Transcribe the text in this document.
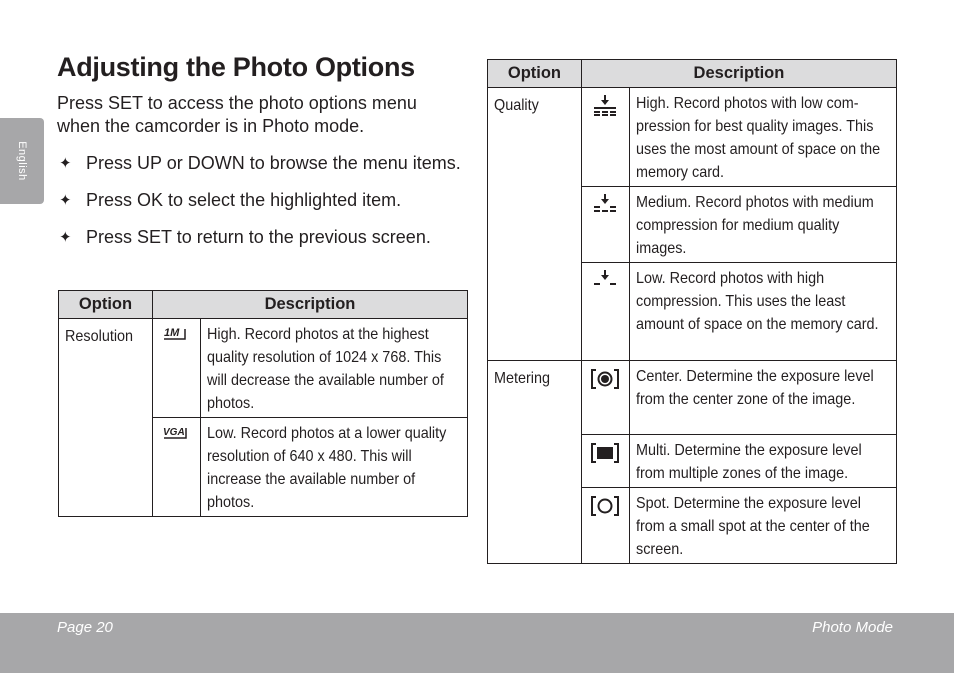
English
Adjusting the Photo Options

Press SET to access the photo options menu when the camcorder is in Photo mode.

✦ Press UP or DOWN to browse the menu items.
✦ Press OK to select the highlighted item.
✦ Press SET to return to the previous screen.
Option	Description	

Resolution	1M	High. Record photos at the highest quality resolution of 1024 x 768. This will decrease the available number of photos.

VGA	Low. Record photos at a lower quality resolution of 640 x 480. This will increase the available number of photos.
Option	Description	

Quality		High. Record photos with low com-pression for best quality images. This uses the most amount of space on the memory card.

Medium. Record photos with medium compression for medium quality images.

Low. Record photos with high compression. This uses the least amount of space on the memory card.

Metering		Center. Determine the exposure level from the center zone of the image.

Multi. Determine the exposure level from multiple zones of the image.

Spot. Determine the exposure level from a small spot at the center of the screen.
Page 20	Photo Mode
